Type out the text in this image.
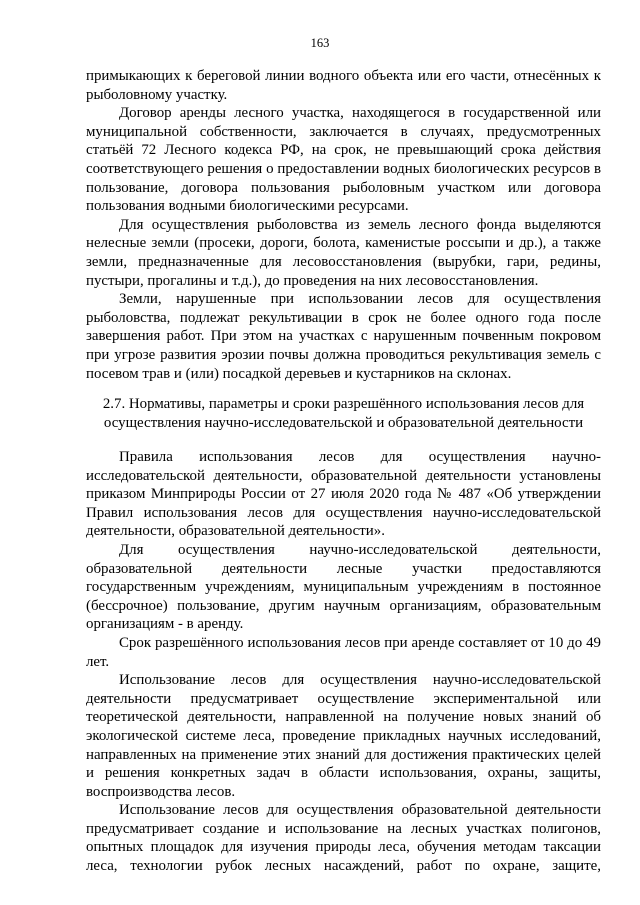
163

примыкающих к береговой линии водного объекта или его части, отнесённых к рыболовному участку.

Договор аренды лесного участка, находящегося в государственной или муниципальной собственности, заключается в случаях, предусмотренных статьёй 72 Лесного кодекса РФ, на срок, не превышающий срока действия соответствующего решения о предоставлении водных биологических ресурсов в пользование, договора пользования рыболовным участком или договора пользования водными биологическими ресурсами.

Для осуществления рыболовства из земель лесного фонда выделяются нелесные земли (просеки, дороги, болота, каменистые россыпи и др.), а также земли, предназначенные для лесовосстановления (вырубки, гари, редины, пустыри, прогалины и т.д.), до проведения на них лесовосстановления.

Земли, нарушенные при использовании лесов для осуществления рыболовства, подлежат рекультивации в срок не более одного года после завершения работ. При этом на участках с нарушенным почвенным покровом при угрозе развития эрозии почвы должна проводиться рекультивация земель с посевом трав и (или) посадкой деревьев и кустарников на склонах.

2.7. Нормативы, параметры и сроки разрешённого использования лесов для

осуществления научно-исследовательской и образовательной деятельности

Правила использования лесов для осуществления научно-исследовательской деятельности, образовательной деятельности установлены приказом Минприроды России от 27 июля 2020 года № 487 «Об утверждении Правил использования лесов для осуществления научно-исследовательской деятельности, образовательной деятельности».

Для осуществления научно-исследовательской деятельности, образовательной деятельности лесные участки предоставляются государственным учреждениям, муниципальным учреждениям в постоянное (бессрочное) пользование, другим научным организациям, образовательным организациям - в аренду.

Срок разрешённого использования лесов при аренде составляет от 10 до 49 лет.

Использование лесов для осуществления научно-исследовательской деятельности предусматривает осуществление экспериментальной или теоретической деятельности, направленной на получение новых знаний об экологической системе леса, проведение прикладных научных исследований, направленных на применение этих знаний для достижения практических целей и решения конкретных задач в области использования, охраны, защиты, воспроизводства лесов.

Использование лесов для осуществления образовательной деятельности предусматривает создание и использование на лесных участках полигонов, опытных площадок для изучения природы леса, обучения методам таксации леса, технологии рубок лесных насаждений, работ по охране, защите,
